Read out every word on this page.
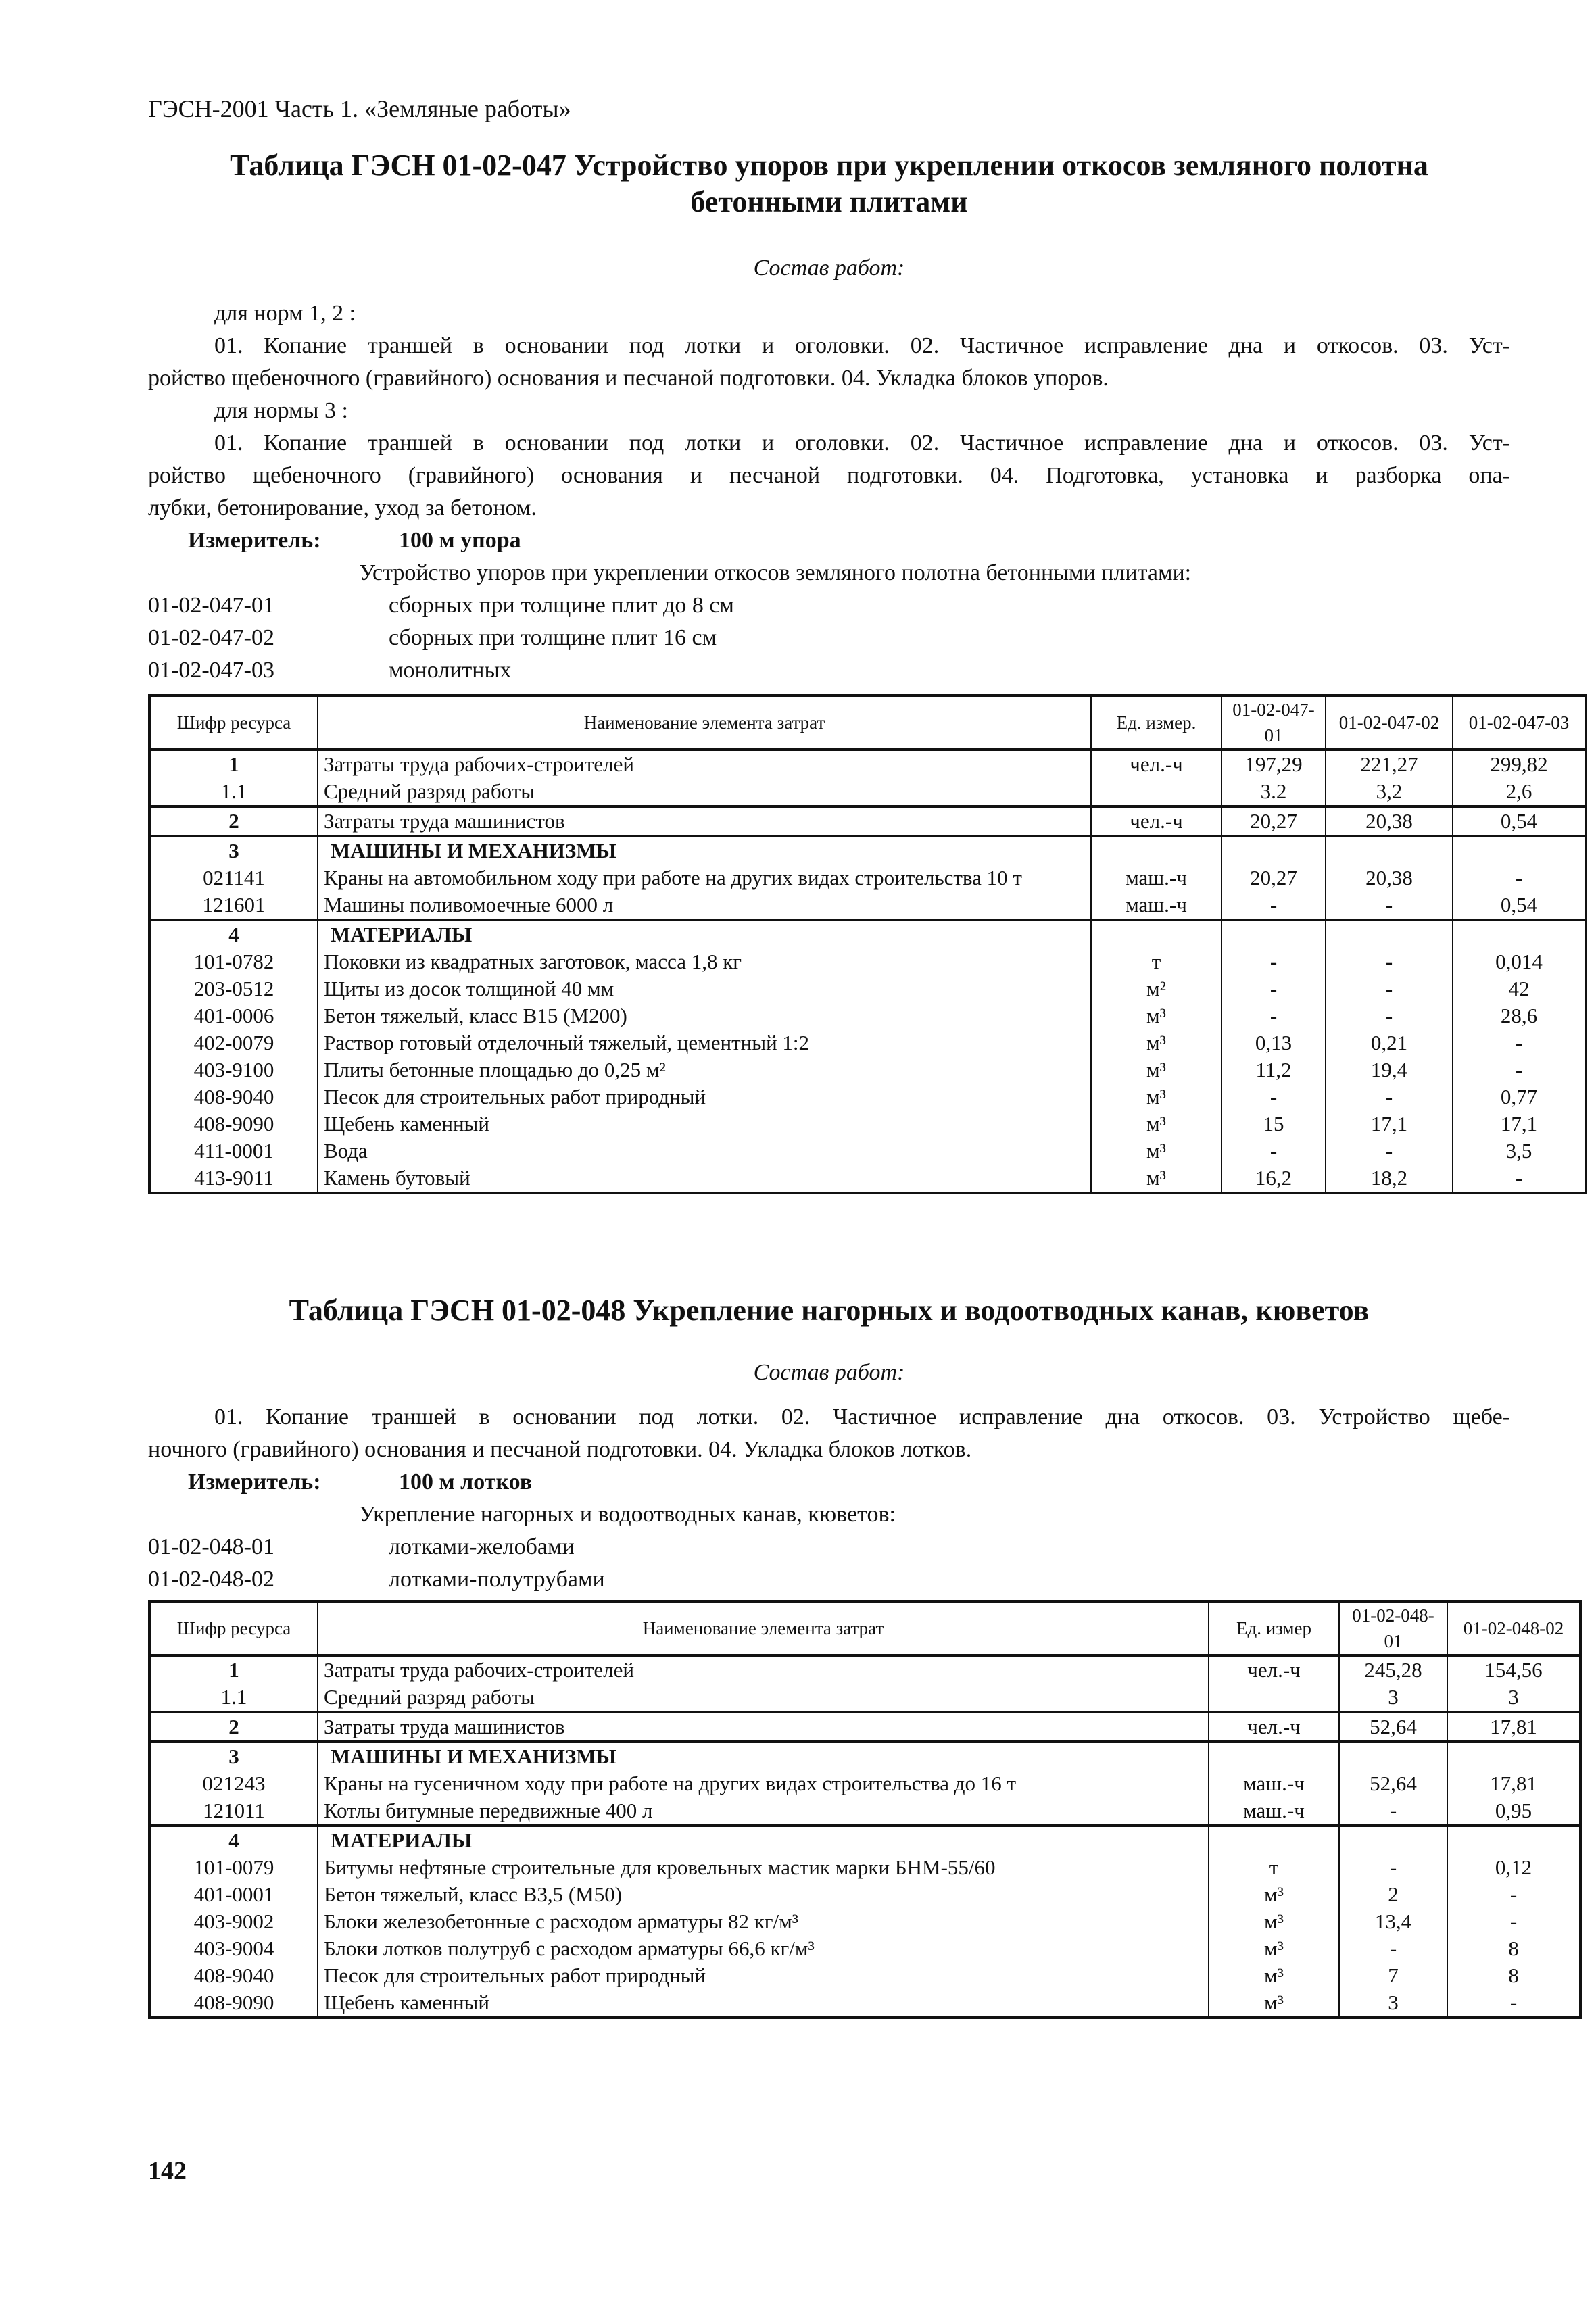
ГЭСН-2001 Часть 1. «Земляные работы»
Таблица ГЭСН 01-02-047 Устройство упоров при укреплении откосов земляного полотна
бетонными плитами
Состав работ:
для норм 1, 2 :
01. Копание траншей в основании под лотки и оголовки. 02. Частичное исправление дна и откосов. 03. Уст-
ройство щебеночного (гравийного) основания и песчаной подготовки. 04. Укладка блоков упоров.
для нормы 3 :
01. Копание траншей в основании под лотки и оголовки. 02. Частичное исправление дна и откосов. 03. Уст-
ройство щебеночного (гравийного) основания и песчаной подготовки. 04. Подготовка, установка и разборка опа-
лубки, бетонирование, уход за бетоном.
Измеритель:	100 м упора
Устройство упоров при укреплении откосов земляного полотна бетонными плитами:
01-02-047-01	сборных при толщине плит до 8 см
01-02-047-02	сборных при толщине плит 16 см
01-02-047-03	монолитных
Шифр ресурса	Наименование элемента затрат	Ед. измер.	01-02-047-01	01-02-047-02	01-02-047-03
1	Затраты труда рабочих-строителей	чел.-ч	197,29	221,27	299,82
1.1	Средний разряд работы		3.2	3,2	2,6
2	Затраты труда машинистов	чел.-ч	20,27	20,38	0,54
3	МАШИНЫ И МЕХАНИЗМЫ				
021141	Краны на автомобильном ходу при работе на других видах строительства 10 т	маш.-ч	20,27	20,38	-
121601	Машины поливомоечные 6000 л	маш.-ч	-	-	0,54
4	МАТЕРИАЛЫ				
101-0782	Поковки из квадратных заготовок, масса 1,8 кг	т	-	-	0,014
203-0512	Щиты из досок толщиной 40 мм	м²	-	-	42
401-0006	Бетон тяжелый, класс В15 (М200)	м³	-	-	28,6
402-0079	Раствор готовый отделочный тяжелый, цементный 1:2	м³	0,13	0,21	-
403-9100	Плиты бетонные площадью до 0,25 м²	м³	11,2	19,4	-
408-9040	Песок для строительных работ природный	м³	-	-	0,77
408-9090	Щебень каменный	м³	15	17,1	17,1
411-0001	Вода	м³	-	-	3,5
413-9011	Камень бутовый	м³	16,2	18,2	-
Таблица ГЭСН 01-02-048 Укрепление нагорных и водоотводных канав, кюветов
Состав работ:
01. Копание траншей в основании под лотки. 02. Частичное исправление дна откосов. 03. Устройство щебе-
ночного (гравийного) основания и песчаной подготовки. 04. Укладка блоков лотков.
Измеритель:	100 м лотков
Укрепление нагорных и водоотводных канав, кюветов:
01-02-048-01	лотками-желобами
01-02-048-02	лотками-полутрубами
Шифр ресурса	Наименование элемента затрат	Ед. измер	01-02-048-01	01-02-048-02
1	Затраты труда рабочих-строителей	чел.-ч	245,28	154,56
1.1	Средний разряд работы		3	3
2	Затраты труда машинистов	чел.-ч	52,64	17,81
3	МАШИНЫ И МЕХАНИЗМЫ			
021243	Краны на гусеничном ходу при работе на других видах строительства до 16 т	маш.-ч	52,64	17,81
121011	Котлы битумные передвижные 400 л	маш.-ч	-	0,95
4	МАТЕРИАЛЫ			
101-0079	Битумы нефтяные строительные для кровельных мастик марки БНМ-55/60	т	-	0,12
401-0001	Бетон тяжелый, класс В3,5 (М50)	м³	2	-
403-9002	Блоки железобетонные с расходом арматуры 82 кг/м³	м³	13,4	-
403-9004	Блоки лотков полутруб с расходом арматуры 66,6 кг/м³	м³	-	8
408-9040	Песок для строительных работ природный	м³	7	8
408-9090	Щебень каменный	м³	3	-
142
